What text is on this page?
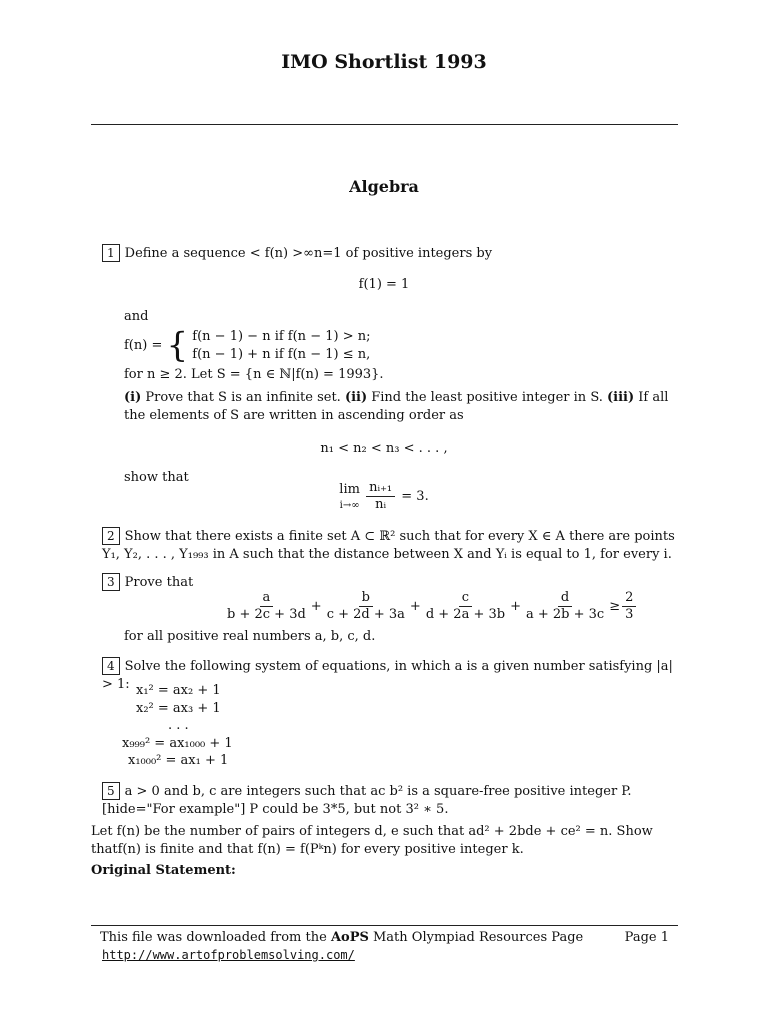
IMO Shortlist 1993
Algebra
1 Define a sequence < f(n) >∞n=1 of positive integers by
f(1) = 1
and
f(n) = { f(n − 1) − n if f(n − 1) > n;
f(n − 1) + n if f(n − 1) ≤ n,
for n ≥ 2. Let S = {n ∈ ℕ|f(n) = 1993}.
(i) Prove that S is an infinite set. (ii) Find the least positive integer in S. (iii) If all the elements of S are written in ascending order as
n₁ < n₂ < n₃ < . . . ,
show that
lim
i→∞
$\frac{\text{nᵢ₊₁}}{\text{nᵢ}} = 3$.
2 Show that there exists a finite set A ⊂ ℝ² such that for every X ∈ A there are points Y₁, Y₂, . . . , Y₁₉₉₃ in A such that the distance between X and Yᵢ is equal to 1, for every i.
3 Prove that
$\frac{a}{b + 2c + 3d} + \frac{b}{c + 2d + 3a} + \frac{c}{d + 2a + 3b} + \frac{d}{a + 2b + 3c} \ge \frac{2}{3}$
for all positive real numbers a, b, c, d.
4 Solve the following system of equations, in which a is a given number satisfying |a| > 1: x₁² = ax₂ + 1
x₂² = ax₃ + 1
. . .
x₉₉₉² = ax₁₀₀₀ + 1
x₁₀₀₀² = ax₁ + 1
5 a > 0 and b, c are integers such that ac b² is a square-free positive integer P. [hide="For example"] P could be 3*5, but not 3² ∗ 5.
Let f(n) be the number of pairs of integers d, e such that ad² + 2bde + ce² = n. Show thatf(n) is finite and that f(n) = f(Pᵏn) for every positive integer k.
Original Statement:
This file was downloaded from the AoPS Math Olympiad Resources Page	Page 1
http://www.artofproblemsolving.com/
